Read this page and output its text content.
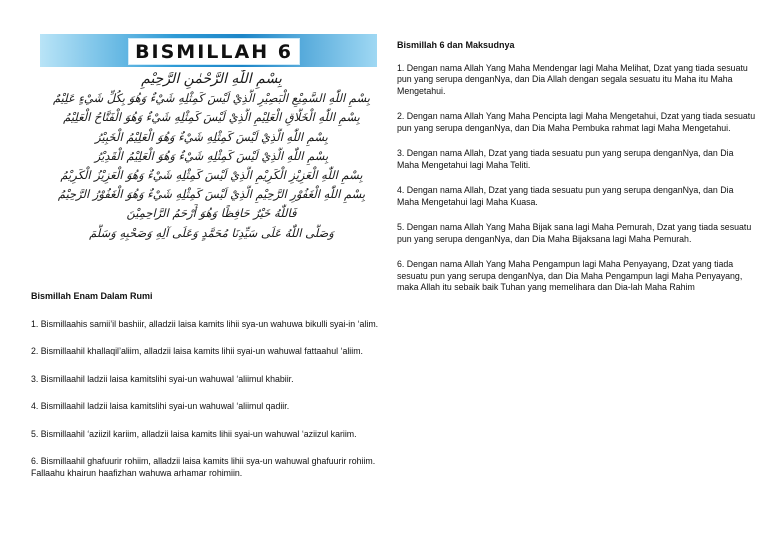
BISMILLAH 6
بِسْمِ اللّٰهِ الرَّحْمٰنِ الرَّحِيْمِ
بِسْمِ اللّٰهِ السَّمِيْعِ الْبَصِيْرِ الَّذِيْ لَيْسَ كَمِثْلِهِ شَيْءٌ وَهُوَ بِكُلِّ شَيْءٍ عَلِيْمٌ
بِسْمِ اللّٰهِ الْخَلَّاقِ الْعَلِيْمِ الَّذِيْ لَيْسَ كَمِثْلِهِ شَيْءٌ وَهُوَ الْفَتَّاحُ الْعَلِيْمُ
بِسْمِ اللّٰهِ الَّذِيْ لَيْسَ كَمِثْلِهِ شَيْءٌ وَهُوَ الْعَلِيْمُ الْخَبِيْرُ
بِسْمِ اللّٰهِ الَّذِيْ لَيْسَ كَمِثْلِهِ شَيْءٌ وَهُوَ الْعَلِيْمُ الْقَدِيْرُ
بِسْمِ اللّٰهِ الْعَزِيْزِ الْكَرِيْمِ الَّذِيْ لَيْسَ كَمِثْلِهِ شَيْءٌ وَهُوَ الْعَزِيْزُ الْكَرِيْمُ
بِسْمِ اللّٰهِ الْغَفُوْرِ الرَّحِيْمِ الَّذِيْ لَيْسَ كَمِثْلِهِ شَيْءٌ وَهُوَ الْغَفُوْرُ الرَّحِيْمُ
فَاللّٰهُ خَيْرٌ حَافِظًا وَهُوَ أَرْحَمُ الرَّاحِمِيْنَ
وَصَلَّى اللّٰهُ عَلَى سَيِّدِنَا مُحَمَّدٍ وَعَلَى آلِهِ وَصَحْبِهِ وَسَلَّمَ
Bismillah Enam Dalam Rumi
1. Bismillaahis samii’il bashiir, alladzii laisa kamits lihii sya-un wahuwa bikulli syai-in ‘alim.
2. Bismillaahil khallaqil’aliim, alladzii laisa kamits lihii syai-un wahuwal fattaahul ‘aliim.
3. Bismillaahil ladzii laisa kamitslihi syai-un wahuwal ‘aliimul khabiir.
4. Bismillaahil ladzii laisa kamitslihi syai-un wahuwal ‘aliimul qadiir.
5. Bismillaahil ‘aziizil kariim, alladzii laisa kamits lihii syai-un wahuwal ‘aziizul kariim.
6. Bismillaahil ghafuurir rohiim, alladzii laisa kamits lihii sya-un wahuwal ghafuurir rohiim. Fallaahu khairun haafizhan wahuwa arhamar rohimiin.
Bismillah 6 dan Maksudnya
1. Dengan nama Allah Yang Maha Mendengar lagi Maha Melihat, Dzat yang tiada sesuatu pun yang serupa denganNya, dan Dia Allah dengan segala sesuatu itu Maha itu Maha Mengetahui.
2. Dengan nama Allah Yang Maha Pencipta lagi Maha Mengetahui, Dzat yang tiada sesuatu pun yang serupa denganNya, dan Dia Maha Pembuka rahmat lagi Maha Mengetahui.
3. Dengan nama Allah, Dzat yang tiada sesuatu pun yang serupa denganNya, dan Dia Maha Mengetahui lagi Maha Teliti.
4. Dengan nama Allah, Dzat yang tiada sesuatu pun yang serupa denganNya, dan Dia Maha Mengetahui lagi Maha Kuasa.
5. Dengan nama Allah Yang Maha Bijak sana lagi Maha Pemurah, Dzat yang tiada sesuatu pun yang serupa denganNya, dan Dia Maha Bijaksana lagi Maha Pemurah.
6. Dengan nama Allah Yang Maha Pengampun lagi Maha Penyayang, Dzat yang tiada sesuatu pun yang serupa denganNya, dan Dia Maha Pengampun lagi Maha Penyayang, maka Allah itu sebaik baik Tuhan yang memelihara dan Dia-lah Maha Rahim
